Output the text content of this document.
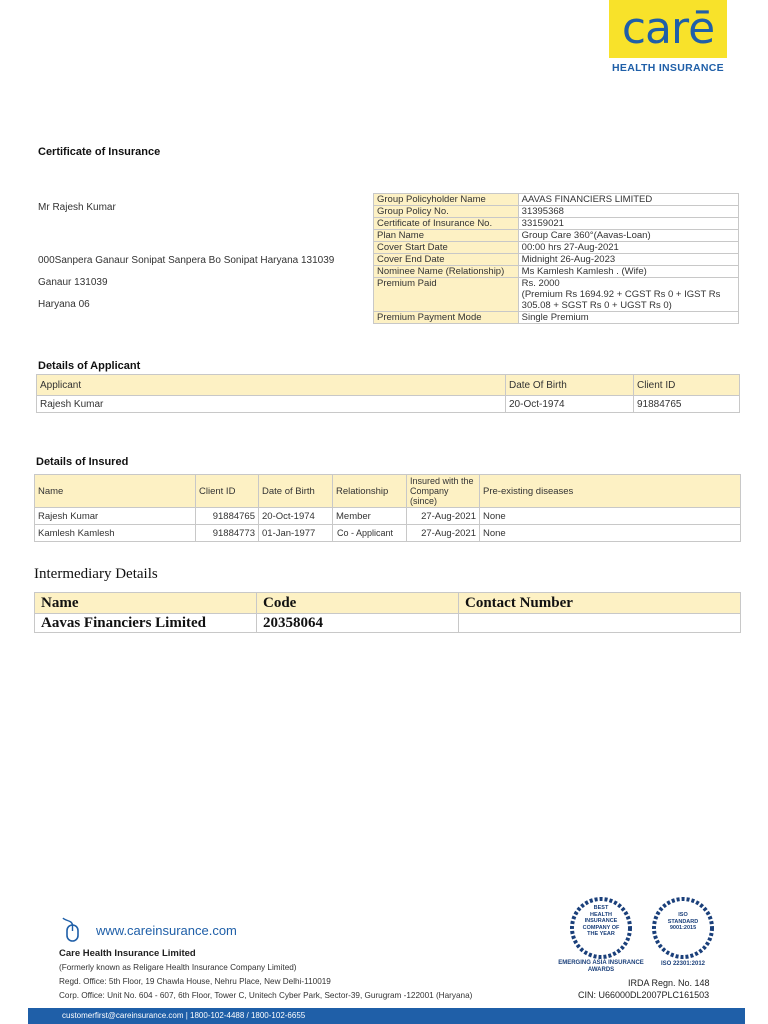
carē
HEALTH INSURANCE
Certificate of Insurance
Mr Rajesh Kumar
000Sanpera Ganaur Sonipat Sanpera Bo Sonipat Haryana 131039
Ganaur 131039
Haryana 06
Group Policyholder Name	AAVAS FINANCIERS LIMITED
Group Policy No.	31395368
Certificate of Insurance No.	33159021
Plan Name	Group Care 360°(Aavas-Loan)
Cover Start Date	00:00 hrs 27-Aug-2021
Cover End Date	Midnight 26-Aug-2023
Nominee Name (Relationship)	Ms Kamlesh Kamlesh . (Wife)
Premium Paid	Rs. 2000
(Premium Rs 1694.92 + CGST Rs 0 + IGST Rs 305.08 + SGST Rs 0 + UGST Rs 0)

Premium Payment Mode	Single Premium
Details of Applicant
Applicant	Date Of Birth	Client ID
Rajesh Kumar	20-Oct-1974	91884765
Details of Insured
Name	Client ID	Date of Birth	Relationship	Insured with the Company (since)	Pre-existing diseases
Rajesh Kumar	91884765	20-Oct-1974	Member	27-Aug-2021	None
Kamlesh Kamlesh	91884773	01-Jan-1977	Co - Applicant	27-Aug-2021	None
Intermediary Details
Name	Code	Contact Number
Aavas Financiers Limited	20358064	
www.careinsurance.com
Care Health Insurance Limited
(Formerly known as Religare Health Insurance Company Limited)
Regd. Office: 5th Floor, 19 Chawla House, Nehru Place, New Delhi-110019
Corp. Office: Unit No. 604 - 607, 6th Floor, Tower C, Unitech Cyber Park, Sector-39, Gurugram -122001 (Haryana)
BEST HEALTH INSURANCE COMPANY OF THE YEAR
EMERGING ASIA INSURANCE AWARDS
ISO STANDARD 9001:2015
ISO 22301:2012
IRDA Regn. No. 148
CIN: U66000DL2007PLC161503
customerfirst@careinsurance.com | 1800-102-4488 / 1800-102-6655
